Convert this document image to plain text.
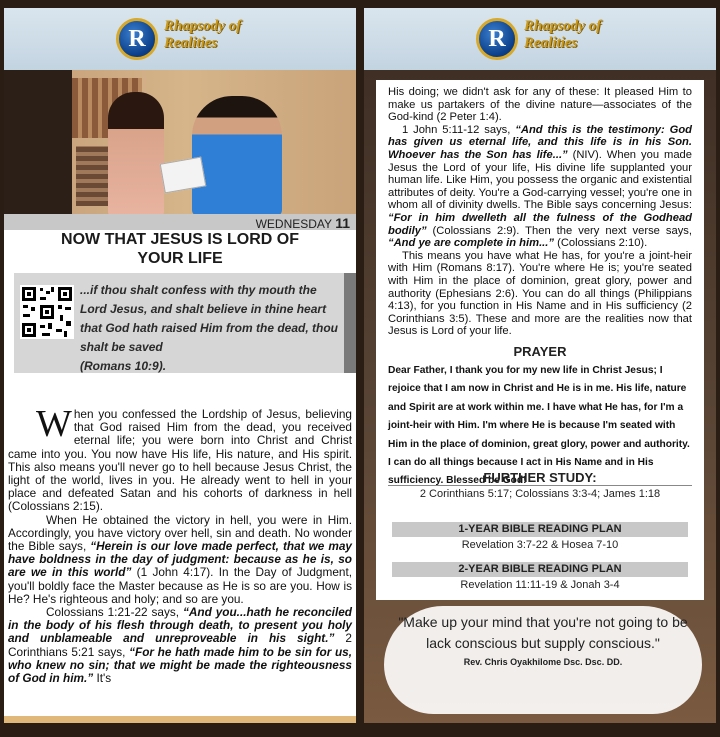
R	Rhapsody of Realities
WEDNESDAY 11
NOW THAT JESUS IS LORD OF YOUR LIFE
...if thou shalt confess with thy mouth the Lord Jesus, and shalt believe in thine heart that God hath raised Him from the dead, thou shalt be saved
(Romans 10:9).

When you confessed the Lordship of Jesus, believing that God raised Him from the dead, you received eternal life; you were born into Christ and Christ came into you. You now have His life, His nature, and His spirit. This also means you'll never go to hell because Jesus Christ, the light of the world, lives in you. He already went to hell in your place and defeated Satan and his cohorts of darkness in hell (Colossians 2:15).

When He obtained the victory in hell, you were in Him. Accordingly, you have victory over hell, sin and death. No wonder the Bible says, “Herein is our love made perfect, that we may have boldness in the day of judgment: because as he is, so are we in this world” (1 John 4:17). In the Day of Judgment, you'll boldly face the Master because as He is so are you. How is He? He's righteous and holy; and so are you.

Colossians 1:21-22 says, “And you...hath he reconciled in the body of his flesh through death, to present you holy and unblameable and unreproveable in his sight.” 2 Corinthians 5:21 says, “For he hath made him to be sin for us, who knew no sin; that we might be made the righteousness of God in him.” It's

R	Rhapsody of Realities

His doing; we didn't ask for any of these: It pleased Him to make us partakers of the divine nature—associates of the God-kind (2 Peter 1:4).

1 John 5:11-12 says, “And this is the testimony: God has given us eternal life, and this life is in his Son. Whoever has the Son has life...” (NIV). When you made Jesus the Lord of your life, His divine life supplanted your human life. Like Him, you possess the organic and existential attributes of deity. You're a God-carrying vessel; you're one in whom all of divinity dwells. The Bible says concerning Jesus: “For in him dwelleth all the fulness of the Godhead bodily” (Colossians 2:9). Then the very next verse says, “And ye are complete in him...” (Colossians 2:10).

This means you have what He has, for you're a joint-heir with Him (Romans 8:17). You're where He is; you're seated with Him in the place of dominion, great glory, power and authority (Ephesians 2:6). You can do all things (Philippians 4:13), for you function in His Name and in His sufficiency (2 Corinthians 3:5). These and more are the realities now that Jesus is Lord of your life.

PRAYER
Dear Father, I thank you for my new life in Christ Jesus; I rejoice that I am now in Christ and He is in me. His life, nature and Spirit are at work within me. I have what He has, for I'm a joint-heir with Him. I'm where He is because I'm seated with Him in the place of dominion, great glory, power and authority. I can do all things because I act in His Name and in His sufficiency. Blessed be God!
FURTHER STUDY:
2 Corinthians 5:17; Colossians 3:3-4; James 1:18
1-YEAR BIBLE READING PLAN
Revelation 3:7-22 & Hosea 7-10
2-YEAR BIBLE READING PLAN
Revelation 11:11-19 & Jonah 3-4
"Make up your mind that you're not going to be lack conscious but supply conscious."
Rev. Chris Oyakhilome Dsc. Dsc. DD.
